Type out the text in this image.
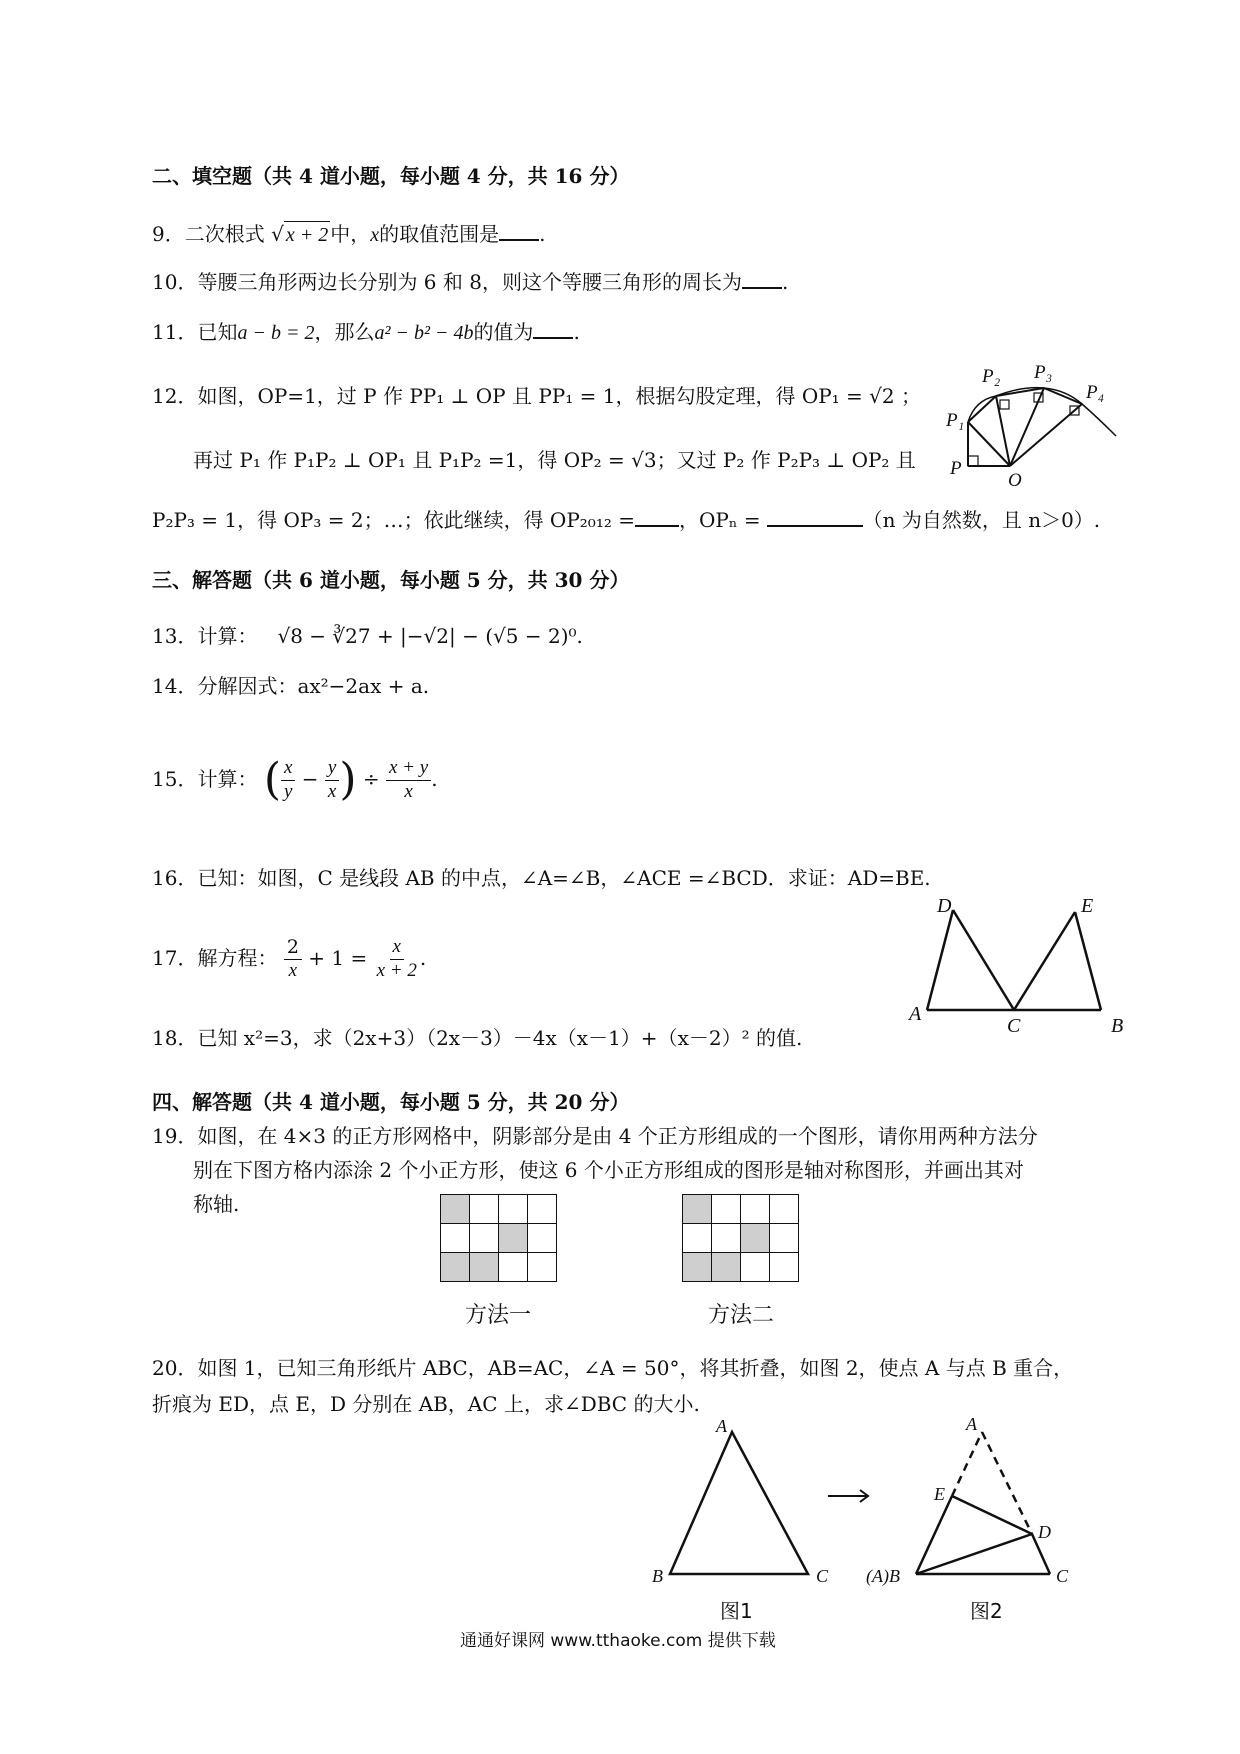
二、填空题（共 4 道小题，每小题 4 分，共 16 分）
9．二次根式 √ x + 2 中，x的取值范围是 .
10．等腰三角形两边长分别为 6 和 8，则这个等腰三角形的周长为 .
11．已知a − b = 2，那么a² − b² − 4b的值为 .
12．如图，OP=1，过 P 作 PP₁ ⊥ OP 且 PP₁ = 1，根据勾股定理，得 OP₁ = √2 ；
再过 P₁ 作 P₁P₂ ⊥ OP₁ 且 P₁P₂ =1，得 OP₂ = √3；又过 P₂ 作 P₂P₃ ⊥ OP₂ 且
P₂P₃ = 1，得 OP₃ = 2；…；依此继续，得 OP₂₀₁₂ = ，OPₙ =	（n 为自然数，且 n＞0）.
P
P₁
P₂ P₃
P₄
O
三、解答题（共 6 道小题，每小题 5 分，共 30 分）
13．计算： √8 − ∛27 + |−√2| − (√5 − 2)⁰.
14．分解因式：ax²−2ax + a.
15．计算： ( $\frac{x}{y} - \frac{y}{x}$ ) ÷ $\frac{x + y}{x}$ .
16．已知：如图，C 是线段 AB 的中点，∠A=∠B，∠ACE =∠BCD．求证：AD=BE.
17．解方程： $\frac{2}{x} + 1 = \frac{x}{x + 2}$ .
A
B
C
D	E
18．已知 x²=3，求（2x+3）（2x－3）－4x（x－1）+（x－2）² 的值.
四、解答题（共 4 道小题，每小题 5 分，共 20 分）
19．如图，在 4×3 的正方形网格中，阴影部分是由 4 个正方形组成的一个图形，请你用两种方法分
别在下图方格内添涂 2 个小正方形，使这 6 个小正方形组成的图形是轴对称图形，并画出其对
称轴.

方法一	方法二
20．如图 1，已知三角形纸片 ABC，AB=AC，∠A = 50°，将其折叠，如图 2，使点 A 与点 B 重合，
折痕为 ED，点 E，D 分别在 AB，AC 上，求∠DBC 的大小.
A
B	C
A
(A)B	C
D
E
图1	图2
通通好课网 www.tthaoke.com 提供下载
